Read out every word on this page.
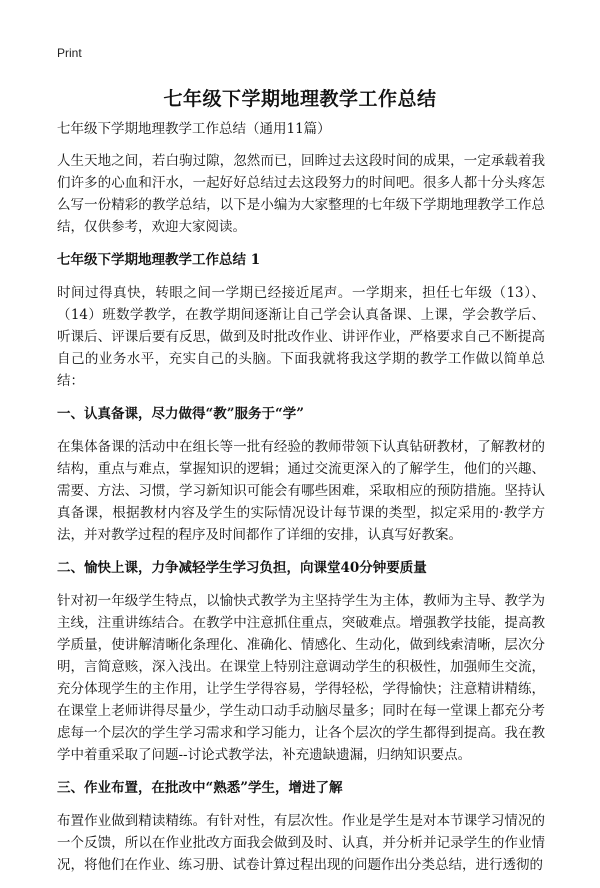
Print
七年级下学期地理教学工作总结

七年级下学期地理教学工作总结（通用11篇）

人生天地之间，若白驹过隙，忽然而已，回眸过去这段时间的成果，一定承载着我们许多的心血和汗水，一起好好总结过去这段努力的时间吧。很多人都十分头疼怎么写一份精彩的教学总结，以下是小编为大家整理的七年级下学期地理教学工作总结，仅供参考，欢迎大家阅读。

七年级下学期地理教学工作总结 1

时间过得真快，转眼之间一学期已经接近尾声。一学期来，担任七年级（13）、（14）班数学教学，在教学期间逐渐让自己学会认真备课、上课，学会教学后、听课后、评课后要有反思，做到及时批改作业、讲评作业，严格要求自己不断提高自己的业务水平，充实自己的头脑。下面我就将我这学期的教学工作做以简单总结：

一、认真备课，尽力做得“教”服务于“学”

在集体备课的活动中在组长等一批有经验的教师带领下认真钻研教材，了解教材的结构，重点与难点，掌握知识的逻辑；通过交流更深入的了解学生，他们的兴趣、需要、方法、习惯，学习新知识可能会有哪些困难，采取相应的预防措施。坚持认真备课，根据教材内容及学生的实际情况设计每节课的类型，拟定采用的·教学方法，并对教学过程的程序及时间都作了详细的安排，认真写好教案。

二、愉快上课，力争减轻学生学习负担，向课堂40分钟要质量

针对初一年级学生特点，以愉快式教学为主坚持学生为主体，教师为主导、教学为主线，注重讲练结合。在教学中注意抓住重点，突破难点。增强教学技能，提高教学质量，使讲解清晰化条理化、准确化、情感化、生动化，做到线索清晰，层次分明，言简意赅，深入浅出。在课堂上特别注意调动学生的积极性，加强师生交流，充分体现学生的主作用，让学生学得容易，学得轻松，学得愉快；注意精讲精练，在课堂上老师讲得尽量少，学生动口动手动脑尽量多；同时在每一堂课上都充分考虑每一个层次的学生学习需求和学习能力，让各个层次的学生都得到提高。我在教学中着重采取了问题--讨论式教学法，补充遗缺遗漏，归纳知识要点。

三、作业布置，在批改中“熟悉”学生，增进了解

布置作业做到精读精练。有针对性，有层次性。作业是学生是对本节课学习情况的一个反馈，所以在作业批改方面我会做到及时、认真，并分析并记录学生的作业情况，将他们在作业、练习册、试卷计算过程出现的问题作出分类总结，进行透彻的
